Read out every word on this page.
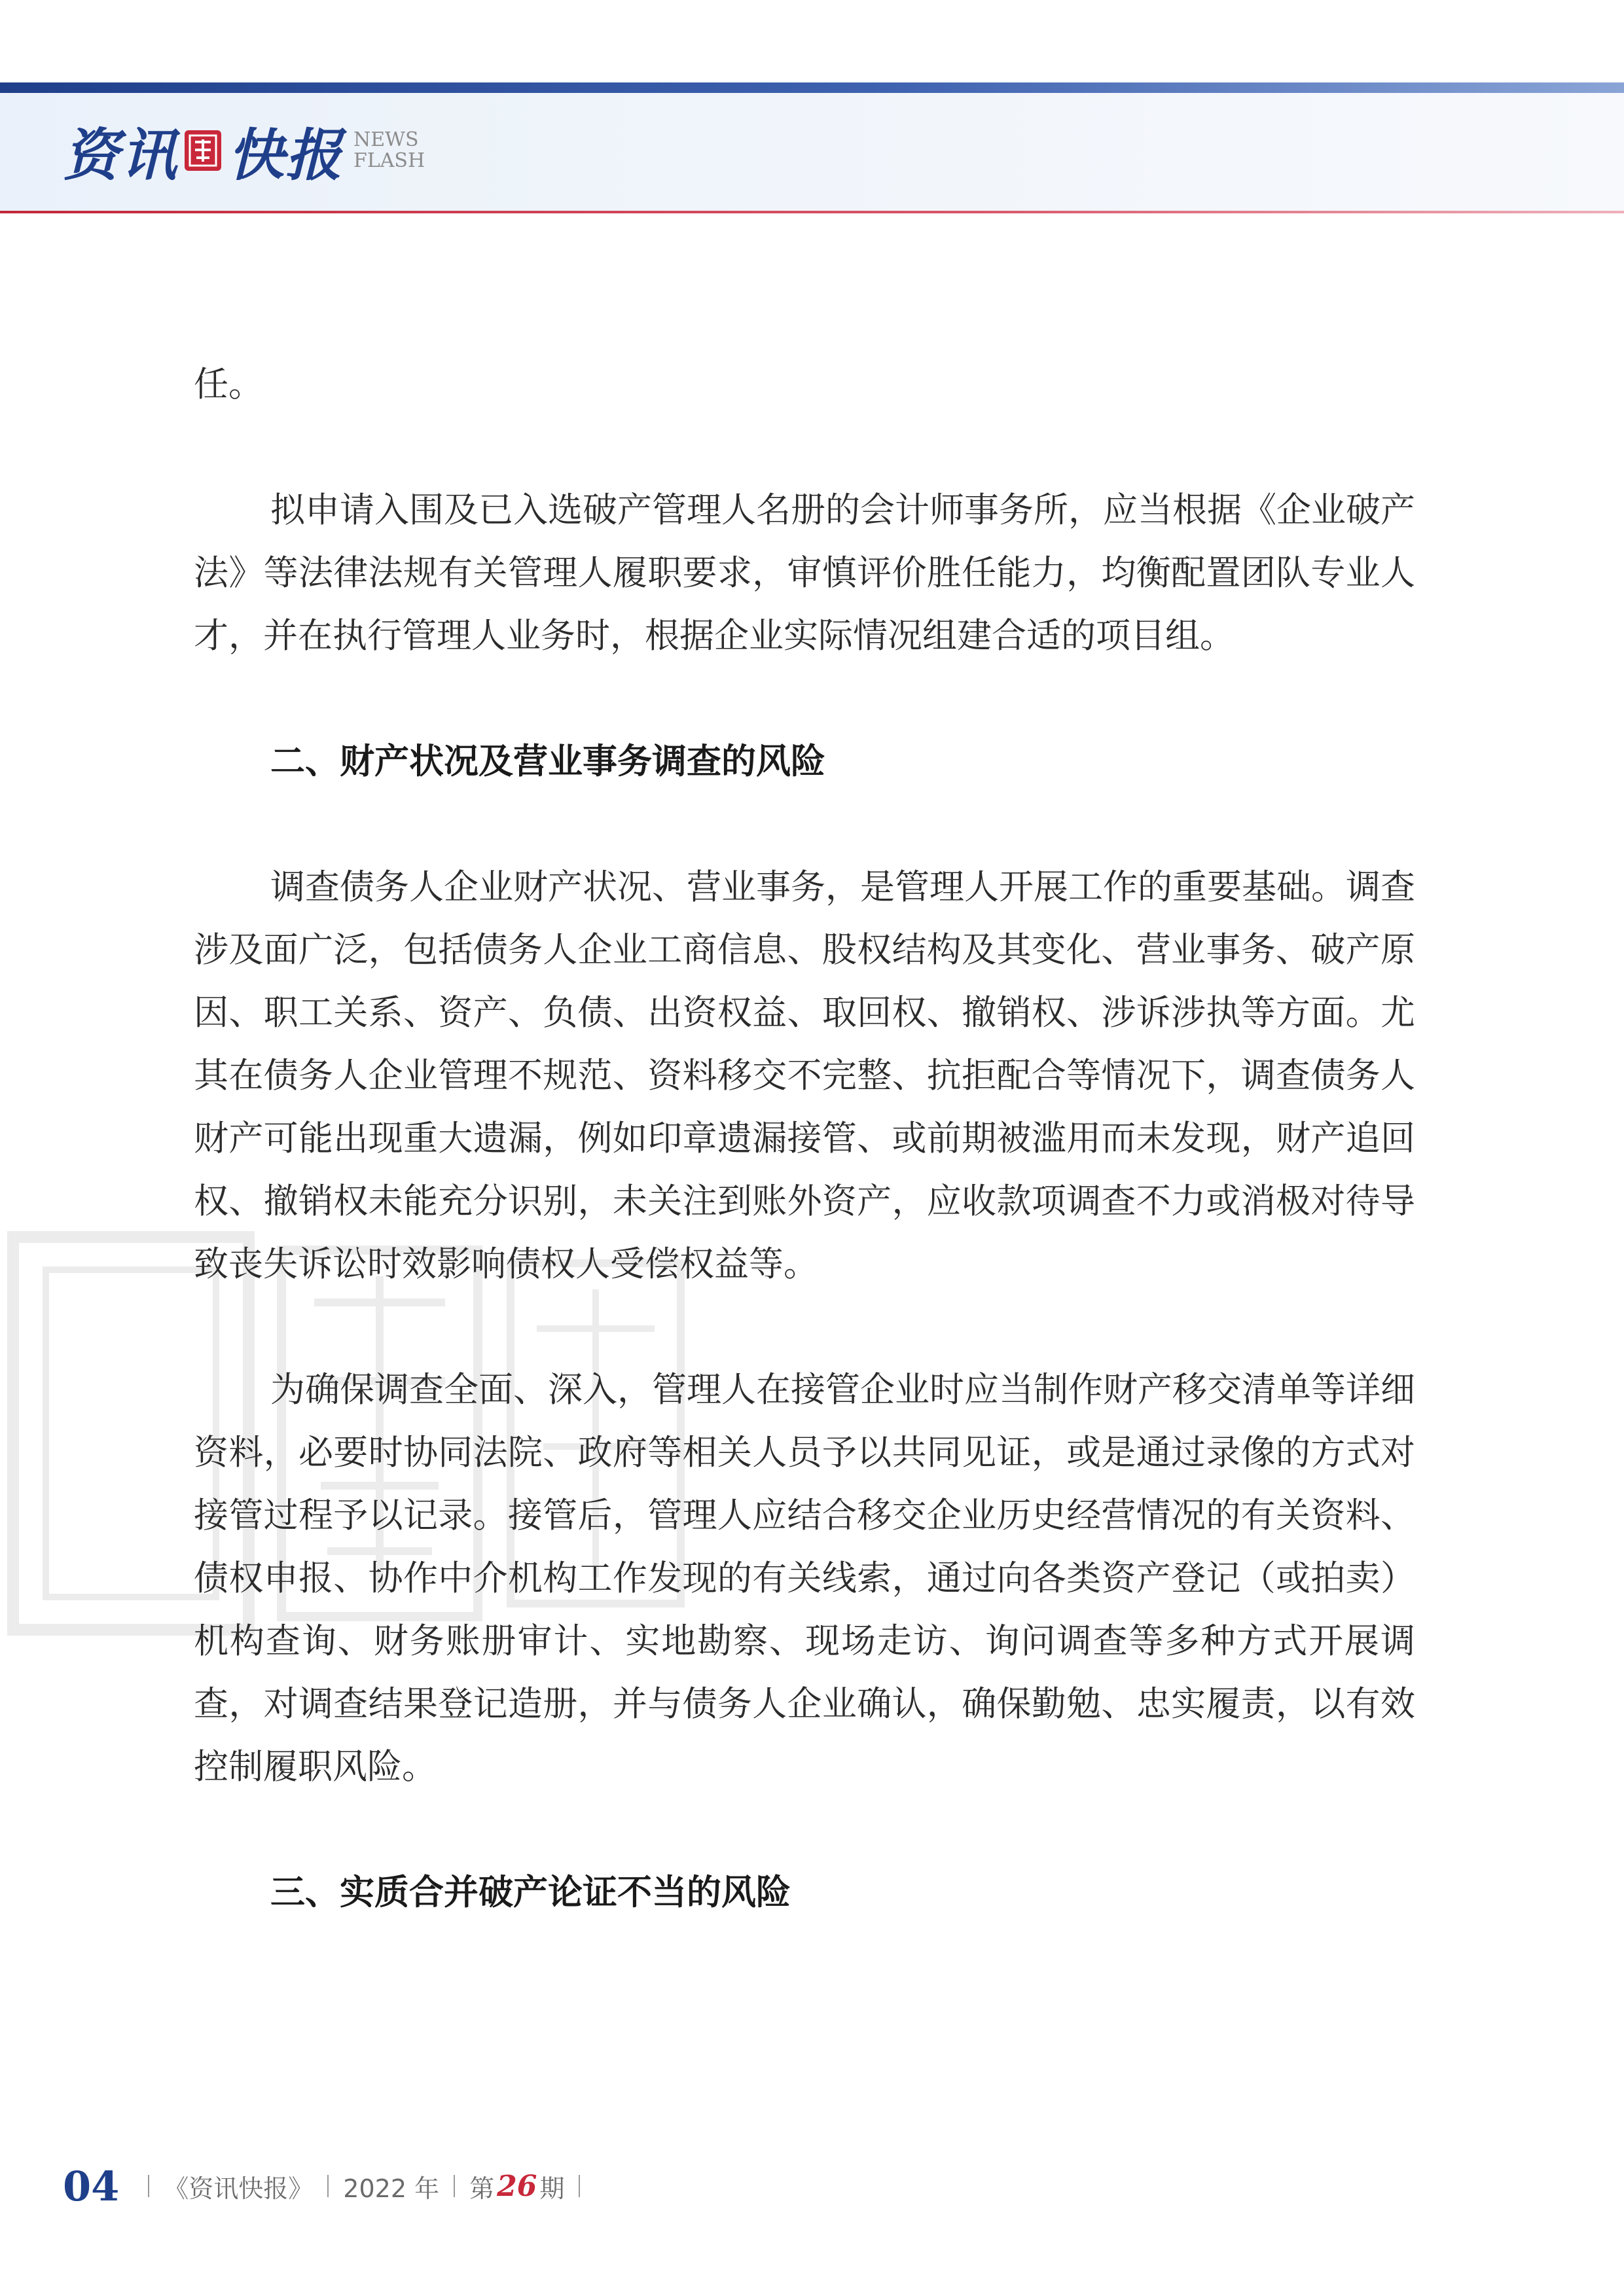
资讯 快报 NEWS
FLASH

任。

拟申请入围及已入选破产管理人名册的会计师事务所，应当根据《企业破产法》等法律法规有关管理人履职要求，审慎评价胜任能力，均衡配置团队专业人才，并在执行管理人业务时，根据企业实际情况组建合适的项目组。

二、财产状况及营业事务调查的风险

调查债务人企业财产状况、营业事务，是管理人开展工作的重要基础。调查涉及面广泛，包括债务人企业工商信息、股权结构及其变化、营业事务、破产原因、职工关系、资产、负债、出资权益、取回权、撤销权、涉诉涉执等方面。尤其在债务人企业管理不规范、资料移交不完整、抗拒配合等情况下，调查债务人财产可能出现重大遗漏，例如印章遗漏接管、或前期被滥用而未发现，财产追回权、撤销权未能充分识别，未关注到账外资产，应收款项调查不力或消极对待导致丧失诉讼时效影响债权人受偿权益等。

为确保调查全面、深入，管理人在接管企业时应当制作财产移交清单等详细资料，必要时协同法院、政府等相关人员予以共同见证，或是通过录像的方式对接管过程予以记录。接管后，管理人应结合移交企业历史经营情况的有关资料、债权申报、协作中介机构工作发现的有关线索，通过向各类资产登记（或拍卖）机构查询、财务账册审计、实地勘察、现场走访、询问调查等多种方式开展调查，对调查结果登记造册，并与债务人企业确认，确保勤勉、忠实履责，以有效控制履职风险。

三、实质合并破产论证不当的风险
04 《资讯快报》 2022 年 第 26 期
